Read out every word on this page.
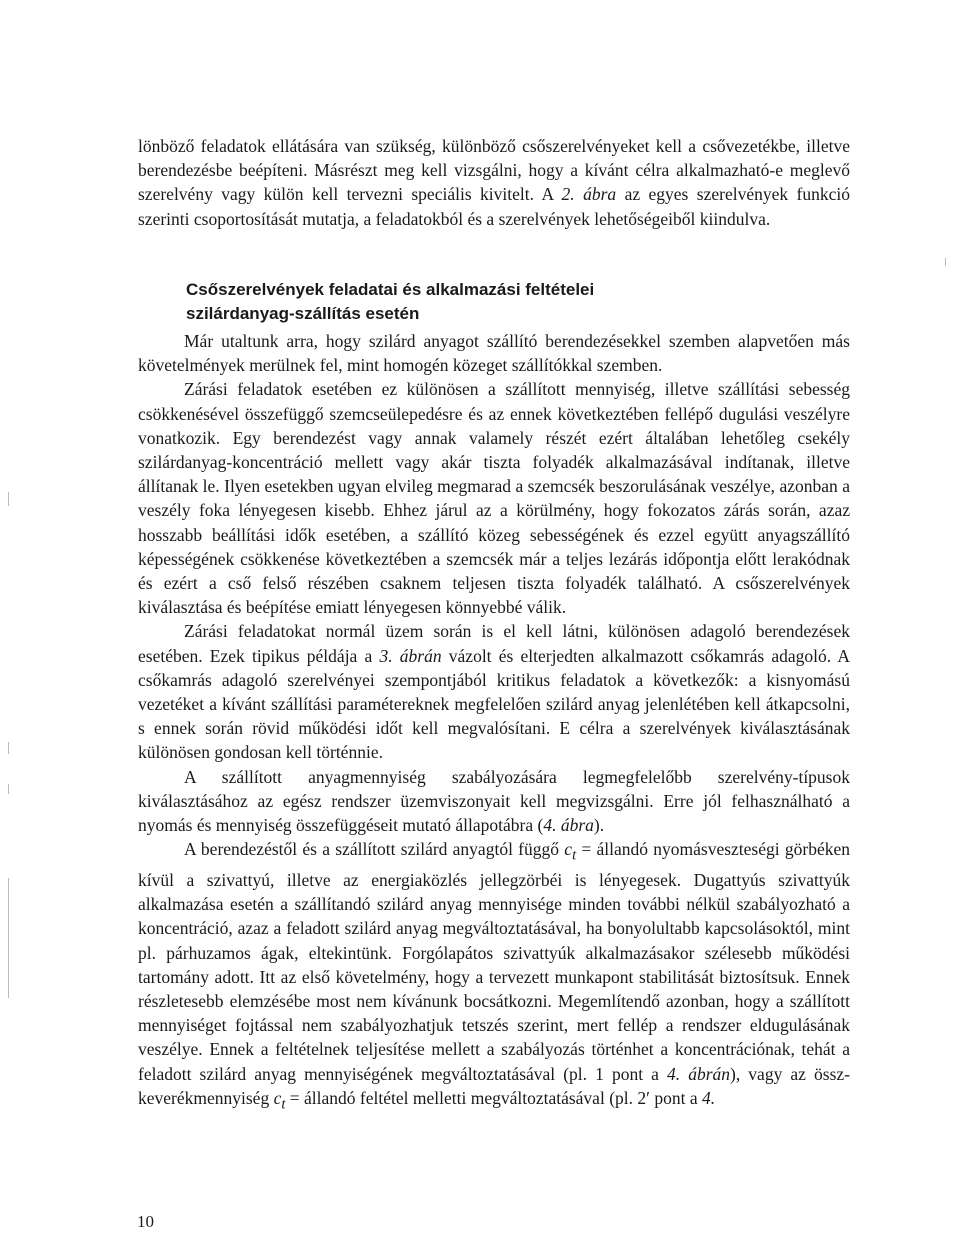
lönböző feladatok ellátására van szükség, különböző csőszerelvényeket kell a csővezetékbe, illetve berendezésbe beépíteni. Másrészt meg kell vizsgálni, hogy a kívánt célra alkalmazható-e meglevő szerelvény vagy külön kell tervezni speciális kivitelt. A 2. ábra az egyes szerelvények funkció szerinti csoportosítását mutatja, a feladatokból és a szerelvények lehetőségeiből kiindulva.
Csőszerelvények feladatai és alkalmazási feltételei
szilárdanyag-szállítás esetén

Már utaltunk arra, hogy szilárd anyagot szállító berendezésekkel szemben alapvetően más követelmények merülnek fel, mint homogén közeget szállítókkal szemben.

Zárási feladatok esetében ez különösen a szállított mennyiség, illetve szállítási sebesség csökkenésével összefüggő szemcseülepedésre és az ennek következtében fellépő dugulási veszélyre vonatkozik. Egy berendezést vagy annak valamely részét ezért általában lehetőleg csekély szilárdanyag-koncentráció mellett vagy akár tiszta folyadék alkalmazásával indítanak, illetve állítanak le. Ilyen esetekben ugyan elvileg megmarad a szemcsék beszorulásának veszélye, azonban a veszély foka lényegesen kisebb. Ehhez járul az a körülmény, hogy fokozatos zárás során, azaz hosszabb beállítási idők esetében, a szállító közeg sebességének és ezzel együtt anyagszállító képességének csökkenése következtében a szemcsék már a teljes lezárás időpontja előtt lerakódnak és ezért a cső felső részében csaknem teljesen tiszta folyadék található. A csőszerelvények kiválasztása és beépítése emiatt lényegesen könnyebbé válik.

Zárási feladatokat normál üzem során is el kell látni, különösen adagoló berendezések esetében. Ezek tipikus példája a 3. ábrán vázolt és elterjedten alkalmazott csőkamrás adagoló. A csőkamrás adagoló szerelvényei szempontjából kritikus feladatok a következők: a kisnyomású vezetéket a kívánt szállítási paramétereknek megfelelően szilárd anyag jelenlétében kell átkapcsolni, s ennek során rövid működési időt kell megvalósítani. E célra a szerelvények kiválasztásának különösen gondosan kell történnie.

A szállított anyagmennyiség szabályozására legmegfelelőbb szerelvény-típusok kiválasztásához az egész rendszer üzemviszonyait kell megvizsgálni. Erre jól felhasználható a nyomás és mennyiség összefüggéseit mutató állapotábra (4. ábra).

A berendezéstől és a szállított szilárd anyagtól függő $c_t$ = állandó nyomásveszteségi görbéken kívül a szivattyú, illetve az energiaközlés jellegzörbéi is lényegesek. Dugattyús szivattyúk alkalmazása esetén a szállítandó szilárd anyag mennyisége minden további nélkül szabályozható a koncentráció, azaz a feladott szilárd anyag megváltoztatásával, ha bonyolultabb kapcsolásoktól, mint pl. párhuzamos ágak, eltekintünk. Forgólapátos szivattyúk alkalmazásakor szélesebb működési tartomány adott. Itt az első követelmény, hogy a tervezett munkapont stabilitását biztosítsuk. Ennek részletesebb elemzésébe most nem kívánunk bocsátkozni. Megemlítendő azonban, hogy a szállított mennyiséget fojtással nem szabályozhatjuk tetszés szerint, mert fellép a rendszer eldugulásának veszélye. Ennek a feltételnek teljesítése mellett a szabályozás történhet a koncentrációnak, tehát a feladott szilárd anyag mennyiségének megváltoztatásával (pl. 1 pont a 4. ábrán), vagy az össz-keverékmennyiség $c_t$ = állandó feltétel melletti megváltoztatásával (pl. 2′ pont a 4.

10
